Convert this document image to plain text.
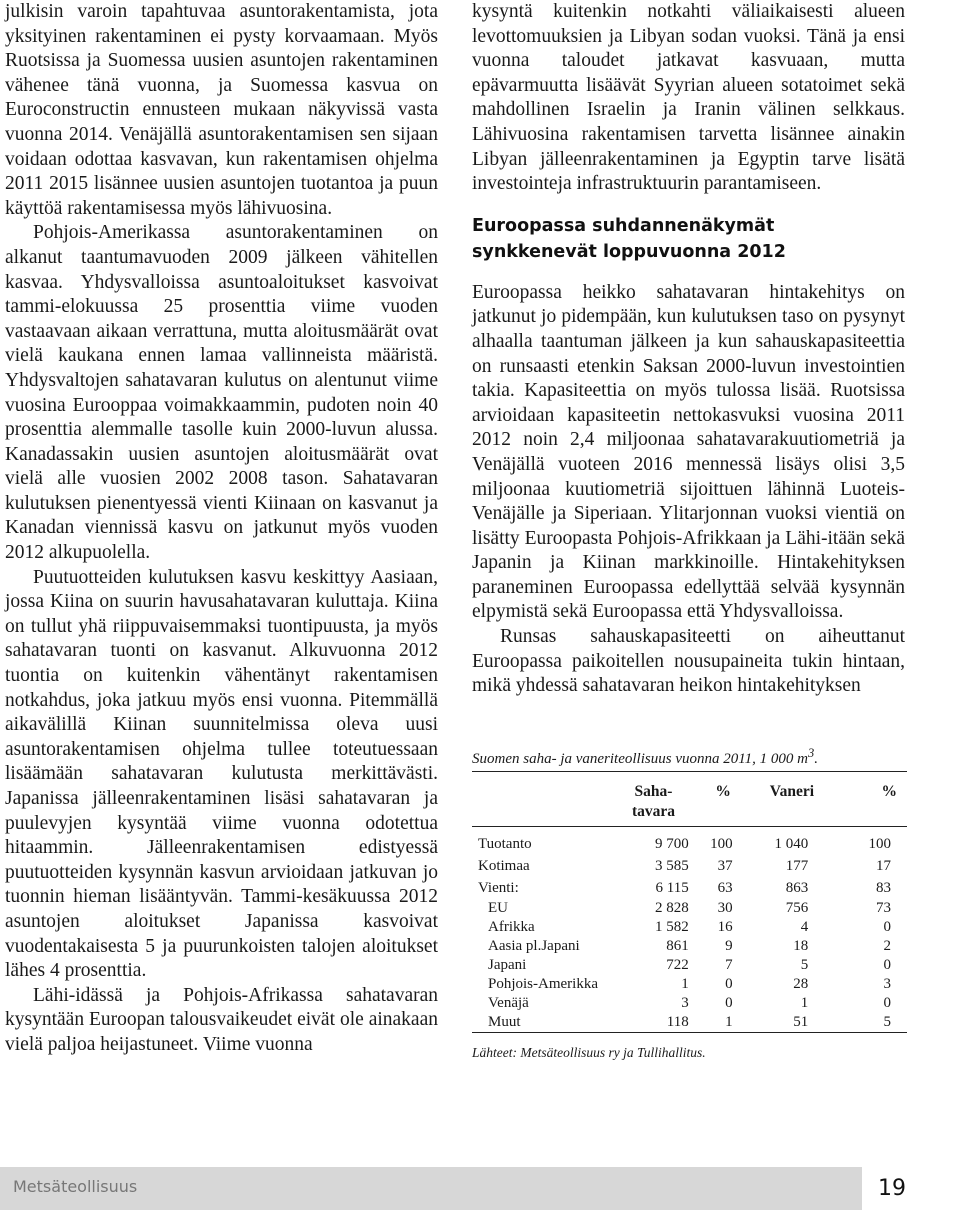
julkisin varoin tapahtuvaa asuntorakentamista, jota yksityinen rakentaminen ei pysty korvaamaan. Myös Ruotsissa ja Suomessa uusien asuntojen rakentaminen vähenee tänä vuonna, ja Suomessa kasvua on Euroconstructin ennusteen mukaan näkyvissä vasta vuonna 2014. Venäjällä asuntorakentamisen sen sijaan voidaan odottaa kasvavan, kun rakentamisen ohjelma 2011 2015 lisännee uusien asuntojen tuotantoa ja puun käyttöä rakentamisessa myös lähivuosina.

Pohjois-Amerikassa asuntorakentaminen on alkanut taantumavuoden 2009 jälkeen vähitellen kasvaa. Yhdysvalloissa asuntoaloitukset kasvoivat tammi-elokuussa 25 prosenttia viime vuoden vastaavaan aikaan verrattuna, mutta aloitusmäärät ovat vielä kaukana ennen lamaa vallinneista määristä. Yhdysvaltojen sahatavaran kulutus on alentunut viime vuosina Eurooppaa voimakkaammin, pudoten noin 40 prosenttia alemmalle tasolle kuin 2000-luvun alussa. Kanadassakin uusien asuntojen aloitusmäärät ovat vielä alle vuosien 2002 2008 tason. Sahatavaran kulutuksen pienentyessä vienti Kiinaan on kasvanut ja Kanadan viennissä kasvu on jatkunut myös vuoden 2012 alkupuolella.

Puutuotteiden kulutuksen kasvu keskittyy Aasiaan, jossa Kiina on suurin havusahatavaran kuluttaja. Kiina on tullut yhä riippuvaisemmaksi tuontipuusta, ja myös sahatavaran tuonti on kasvanut. Alkuvuonna 2012 tuontia on kuitenkin vähentänyt rakentamisen notkahdus, joka jatkuu myös ensi vuonna. Pitemmällä aikavälillä Kiinan suunnitelmissa oleva uusi asuntorakentamisen ohjelma tullee toteutuessaan lisäämään sahatavaran kulutusta merkittävästi. Japanissa jälleenrakentaminen lisäsi sahatavaran ja puulevyjen kysyntää viime vuonna odotettua hitaammin. Jälleenrakentamisen edistyessä puutuotteiden kysynnän kasvun arvioidaan jatkuvan jo tuonnin hieman lisääntyvän. Tammi-kesäkuussa 2012 asuntojen aloitukset Japanissa kasvoivat vuodentakaisesta 5 ja puurunkoisten talojen aloitukset lähes 4 prosenttia.

Lähi-idässä ja Pohjois-Afrikassa sahatavaran kysyntään Euroopan talousvaikeudet eivät ole ainakaan vielä paljoa heijastuneet. Viime vuonna

kysyntä kuitenkin notkahti väliaikaisesti alueen levottomuuksien ja Libyan sodan vuoksi. Tänä ja ensi vuonna taloudet jatkavat kasvuaan, mutta epävarmuutta lisäävät Syyrian alueen sotatoimet sekä mahdollinen Israelin ja Iranin välinen selkkaus. Lähivuosina rakentamisen tarvetta lisännee ainakin Libyan jälleenrakentaminen ja Egyptin tarve lisätä investointeja infrastruktuurin parantamiseen.

Euroopassa suhdannenäkymät synkkenevät loppuvuonna 2012

Euroopassa heikko sahatavaran hintakehitys on jatkunut jo pidempään, kun kulutuksen taso on pysynyt alhaalla taantuman jälkeen ja kun sahauskapasiteettia on runsaasti etenkin Saksan 2000-luvun investointien takia. Kapasiteettia on myös tulossa lisää. Ruotsissa arvioidaan kapasiteetin nettokasvuksi vuosina 2011 2012 noin 2,4 miljoonaa sahatavarakuutiometriä ja Venäjällä vuoteen 2016 mennessä lisäys olisi 3,5 miljoonaa kuutiometriä sijoittuen lähinnä Luoteis-Venäjälle ja Siperiaan. Ylitarjonnan vuoksi vientiä on lisätty Euroopasta Pohjois-Afrikkaan ja Lähi-itään sekä Japanin ja Kiinan markkinoille. Hintakehityksen paraneminen Euroopassa edellyttää selvää kysynnän elpymistä sekä Euroopassa että Yhdysvalloissa.

Runsas sahauskapasiteetti on aiheuttanut Euroopassa paikoitellen nousupaineita tukin hintaan, mikä yhdessä sahatavaran heikon hintakehityksen

Suomen saha- ja vaneriteollisuus vuonna 2011, 1 000 $m^3$.

	Saha-tavara	%	Vaneri	%
Tuotanto	9 700	100	1 040	100
Kotimaa	3 585	37	177	17
Vienti:	6 115	63	863	83
EU	2 828	30	756	73
Afrikka	1 582	16	4	0
Aasia pl.Japani	861	9	18	2
Japani	722	7	5	0
Pohjois-Amerikka	1	0	28	3
Venäjä	3	0	1	0
Muut	118	1	51	5
Lähteet: Metsäteollisuus ry ja Tullihallitus.
Metsäteollisuus	19
